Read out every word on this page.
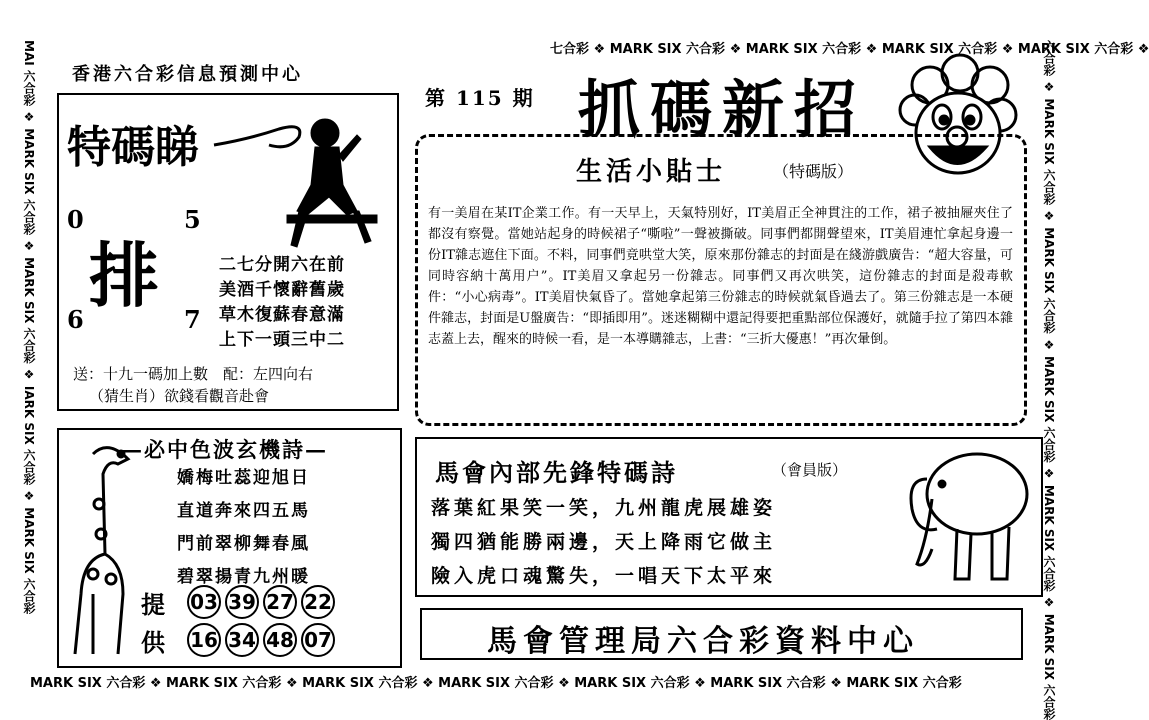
七合彩 ❖ MARK SIX 六合彩 ❖ MARK SIX 六合彩 ❖ MARK SIX 六合彩 ❖ MARK SIX 六合彩 ❖
MARK SIX 六合彩 ❖ MARK SIX 六合彩 ❖ MARK SIX 六合彩 ❖ MARK SIX 六合彩 ❖ MARK SIX 六合彩 ❖ MARK SIX 六合彩 ❖ MARK SIX 六合彩
MAI 六合彩 ❖ MARK SIX 六合彩 ❖ MARK SIX 六合彩 ❖ IARK SIX 六合彩 ❖ MARK SIX 六合彩	六合彩 ❖ MARK SIX 六合彩 ❖ MARK SIX 六合彩 ❖ MARK SIX 六合彩 ❖ MARK SIX 六合彩 ❖ MARK SIX 六合彩
香港六合彩信息預測中心
第 115 期 抓碼新招
特碼睇
0	5
6	7
排	二七分開六在前
美酒千懷辭舊歲
草木復蘇春意滿
上下一頭三中二
送：十九一碼加上數　配：左四向右
（猜生肖）欲錢看觀音赴會
生活小貼士	（特碼版）
有一美眉在某IT企業工作。有一天早上，天氣特別好，IT美眉正全神貫注的工作，裙子被抽屜夾住了都沒有察覺。當她站起身的時候裙子“嘶啦”一聲被撕破。同事們都開聲望來，IT美眉連忙拿起身邊一份IT雜志遮住下面。不料，同事們竟哄堂大笑，原來那份雜志的封面是在綫游戲廣告：“超大容量，可同時容納十萬用户”。IT美眉又拿起另一份雜志。同事們又再次哄笑，這份雜志的封面是殺毒軟件：“小心病毒”。IT美眉快氣昏了。當她拿起第三份雜志的時候就氣昏過去了。第三份雜志是一本硬件雜志，封面是U盤廣告：“即插即用”。迷迷糊糊中還記得要把重點部位保護好，就隨手拉了第四本雜志蓋上去，醒來的時候一看，是一本導購雜志，上書：“三折大優惠！”再次暈倒。
—必中色波玄機詩—
嬌梅吐蕊迎旭日
直道奔來四五馬
門前翠柳舞春風
碧翠揚青九州暖
提
供
03 39 27 22
16 34 48 07
馬會內部先鋒特碼詩	（會員版）
落葉紅果笑一笑，九州龍虎展雄姿
獨四猶能勝兩邊，天上降雨它做主
險入虎口魂驚失，一唱天下太平來
馬會管理局六合彩資料中心
